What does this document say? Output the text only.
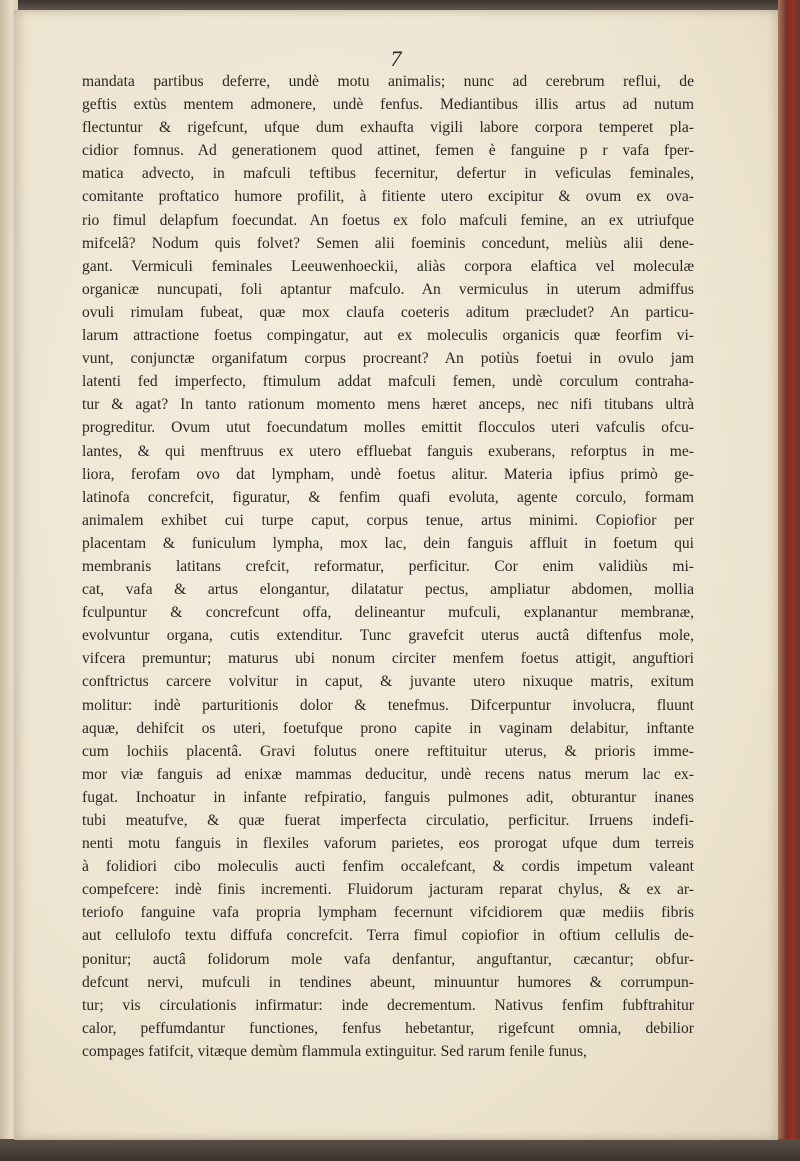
7
mandata partibus deferre, undè motu animalis; nunc ad cerebrum reflui, de
geftis extùs mentem admonere, undè fenfus. Mediantibus illis artus ad nutum
flectuntur & rigefcunt, ufque dum exhaufta vigili labore corpora temperet pla-
cidior fomnus. Ad generationem quod attinet, femen è fanguine p r vafa fper-
matica advecto, in mafculi teftibus fecernitur, defertur in veficulas feminales,
comitante proftatico humore profilit, à fitiente utero excipitur & ovum ex ova-
rio fimul delapfum foecundat. An foetus ex folo mafculi femine, an ex utriufque
mifcelâ? Nodum quis folvet? Semen alii foeminis concedunt, meliùs alii dene-
gant. Vermiculi feminales Leeuwenhoeckii, aliàs corpora elaftica vel moleculæ
organicæ nuncupati, foli aptantur mafculo. An vermiculus in uterum admiffus
ovuli rimulam fubeat, quæ mox claufa coeteris aditum præcludet? An particu-
larum attractione foetus compingatur, aut ex moleculis organicis quæ feorfim vi-
vunt, conjunctæ organifatum corpus procreant? An potiùs foetui in ovulo jam
latenti fed imperfecto, ftimulum addat mafculi femen, undè corculum contraha-
tur & agat? In tanto rationum momento mens hæret anceps, nec nifi titubans ultrà
progreditur. Ovum utut foecundatum molles emittit flocculos uteri vafculis ofcu-
lantes, & qui menftruus ex utero effluebat fanguis exuberans, reforptus in me-
liora, ferofam ovo dat lympham, undè foetus alitur. Materia ipfius primò ge-
latinofa concrefcit, figuratur, & fenfim quafi evoluta, agente corculo, formam
animalem exhibet cui turpe caput, corpus tenue, artus minimi. Copiofior per
placentam & funiculum lympha, mox lac, dein fanguis affluit in foetum qui
membranis latitans crefcit, reformatur, perficitur. Cor enim validiùs mi-
cat, vafa & artus elongantur, dilatatur pectus, ampliatur abdomen, mollia
fculpuntur & concrefcunt offa, delineantur mufculi, explanantur membranæ,
evolvuntur organa, cutis extenditur. Tunc gravefcit uterus auctâ diftenfus mole,
vifcera premuntur; maturus ubi nonum circiter menfem foetus attigit, anguftiori
conftrictus carcere volvitur in caput, & juvante utero nixuque matris, exitum
molitur: indè parturitionis dolor & tenefmus. Difcerpuntur involucra, fluunt
aquæ, dehifcit os uteri, foetufque prono capite in vaginam delabitur, inftante
cum lochiis placentâ. Gravi folutus onere reftituitur uterus, & prioris imme-
mor viæ fanguis ad enixæ mammas deducitur, undè recens natus merum lac ex-
fugat. Inchoatur in infante refpiratio, fanguis pulmones adit, obturantur inanes
tubi meatufve, & quæ fuerat imperfecta circulatio, perficitur. Irruens indefi-
nenti motu fanguis in flexiles vaforum parietes, eos prorogat ufque dum terreis
à folidiori cibo moleculis aucti fenfim occalefcant, & cordis impetum valeant
compefcere: indè finis incrementi. Fluidorum jacturam reparat chylus, & ex ar-
teriofo fanguine vafa propria lympham fecernunt vifcidiorem quæ mediis fibris
aut cellulofo textu diffufa concrefcit. Terra fimul copiofior in oftium cellulis de-
ponitur; auctâ folidorum mole vafa denfantur, anguftantur, cæcantur; obfur-
defcunt nervi, mufculi in tendines abeunt, minuuntur humores & corrumpun-
tur; vis circulationis infirmatur: inde decrementum. Nativus fenfim fubftrahitur
calor, peffumdantur functiones, fenfus hebetantur, rigefcunt omnia, debilior
compages fatifcit, vitæque demùm flammula extinguitur. Sed rarum fenile funus,
